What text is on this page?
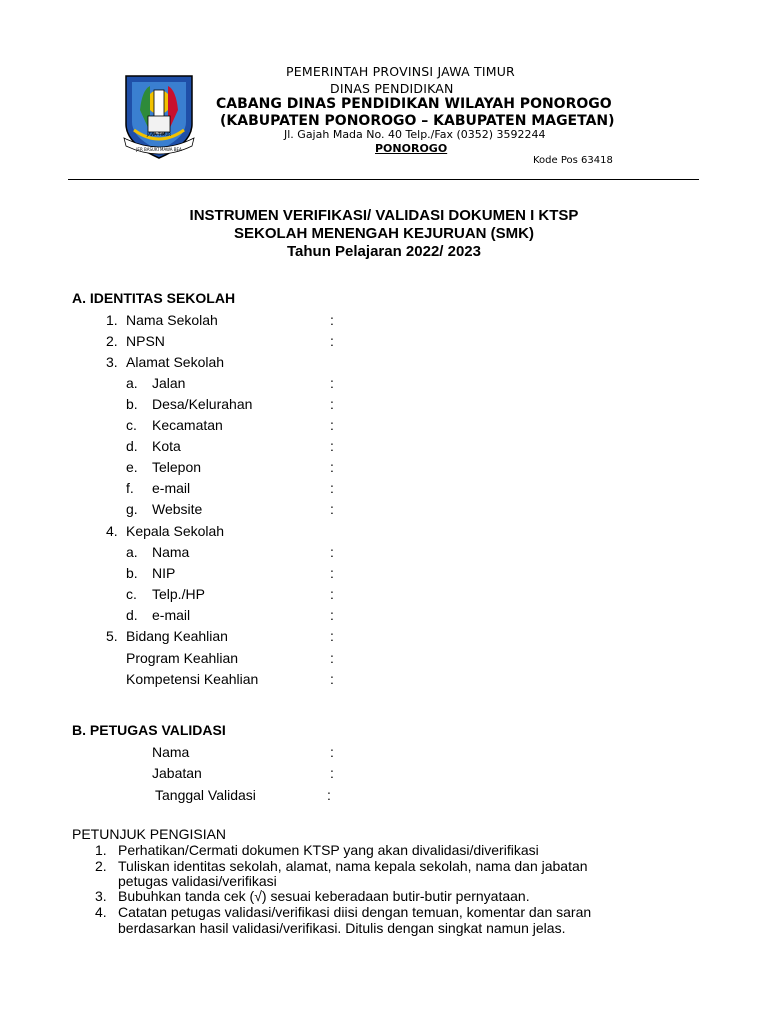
JAWA TIMUR
JER BASUKI MAWA BEA
PEMERINTAH PROVINSI JAWA TIMUR
DINAS PENDIDIKAN
CABANG DINAS PENDIDIKAN WILAYAH PONOROGO
(KABUPATEN PONOROGO – KABUPATEN MAGETAN)
Jl. Gajah Mada No. 40 Telp./Fax (0352) 3592244
PONOROGO
Kode Pos 63418
INSTRUMEN VERIFIKASI/ VALIDASI DOKUMEN I KTSP
SEKOLAH MENENGAH KEJURUAN (SMK)
Tahun Pelajaran 2022/ 2023
A. IDENTITAS SEKOLAH
1. Nama Sekolah	:
2. NPSN	:
3. Alamat Sekolah
a. Jalan	:
b. Desa/Kelurahan	:
c. Kecamatan	:
d. Kota	:
e. Telepon	:
f. e-mail	:
g. Website	:
4. Kepala Sekolah
a. Nama	:
b. NIP	:
c. Telp./HP	:
d. e-mail	:
5. Bidang Keahlian	:
Program Keahlian	:
Kompetensi Keahlian	:
B. PETUGAS VALIDASI
Nama	:
Jabatan	:
Tanggal Validasi	:
PETUNJUK PENGISIAN
1. Perhatikan/Cermati dokumen KTSP yang akan divalidasi/diverifikasi
2. Tuliskan identitas sekolah, alamat, nama kepala sekolah, nama dan jabatan
petugas validasi/verifikasi
3. Bubuhkan tanda cek (√) sesuai keberadaan butir-butir pernyataan.
4. Catatan petugas validasi/verifikasi diisi dengan temuan, komentar dan saran
berdasarkan hasil validasi/verifikasi. Ditulis dengan singkat namun jelas.
